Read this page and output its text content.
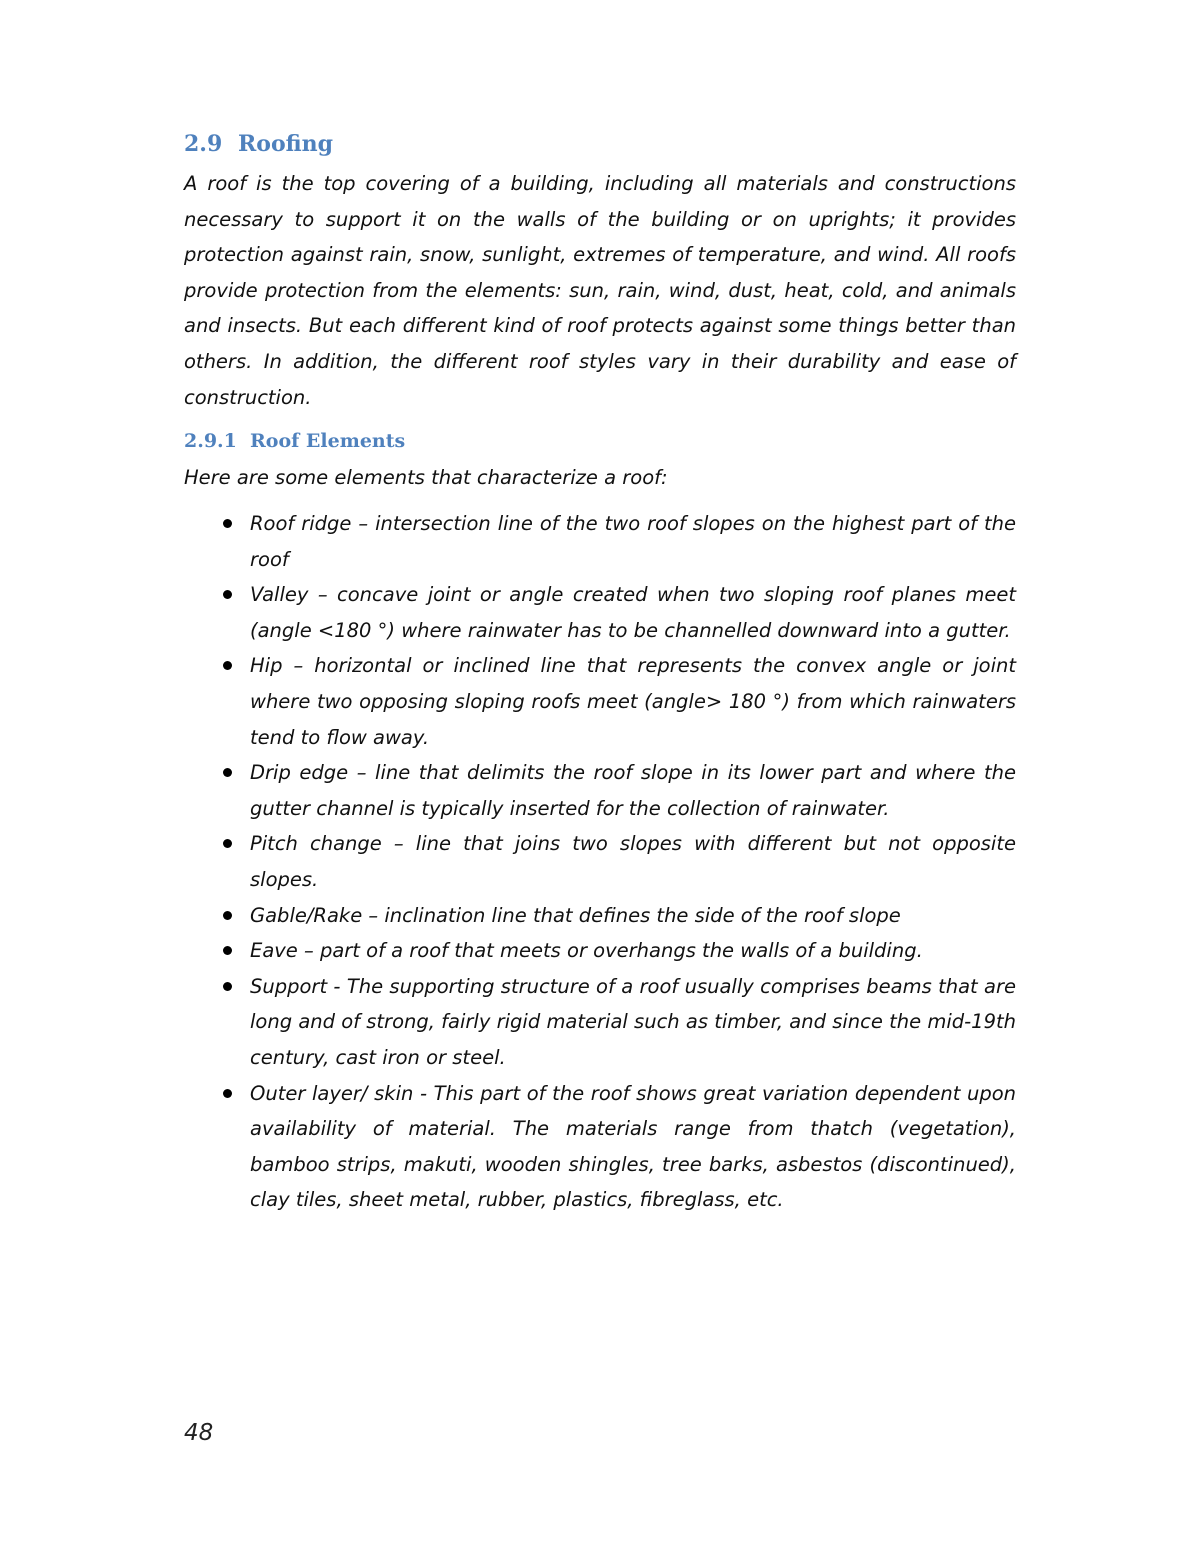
2.9 Roofing

A roof is the top covering of a building, including all materials and constructions necessary to support it on the walls of the building or on uprights; it provides protection against rain, snow, sunlight, extremes of temperature, and wind. All roofs provide protection from the elements: sun, rain, wind, dust, heat, cold, and animals and insects. But each different kind of roof protects against some things better than others. In addition, the different roof styles vary in their durability and ease of construction.

2.9.1 Roof Elements

Here are some elements that characterize a roof:

Roof ridge – intersection line of the two roof slopes on the highest part of the roof
Valley – concave joint or angle created when two sloping roof planes meet (angle <180 °) where rainwater has to be channelled downward into a gutter.
Hip – horizontal or inclined line that represents the convex angle or joint where two opposing sloping roofs meet (angle> 180 °) from which rainwaters tend to flow away.
Drip edge – line that delimits the roof slope in its lower part and where the gutter channel is typically inserted for the collection of rainwater.
Pitch change – line that joins two slopes with different but not opposite slopes.
Gable/Rake – inclination line that defines the side of the roof slope
Eave – part of a roof that meets or overhangs the walls of a building.
Support - The supporting structure of a roof usually comprises beams that are long and of strong, fairly rigid material such as timber, and since the mid-19th century, cast iron or steel.
Outer layer/ skin - This part of the roof shows great variation dependent upon availability of material. The materials range from thatch (vegetation), bamboo strips, makuti, wooden shingles, tree barks, asbestos (discontinued), clay tiles, sheet metal, rubber, plastics, fibreglass, etc.

48
